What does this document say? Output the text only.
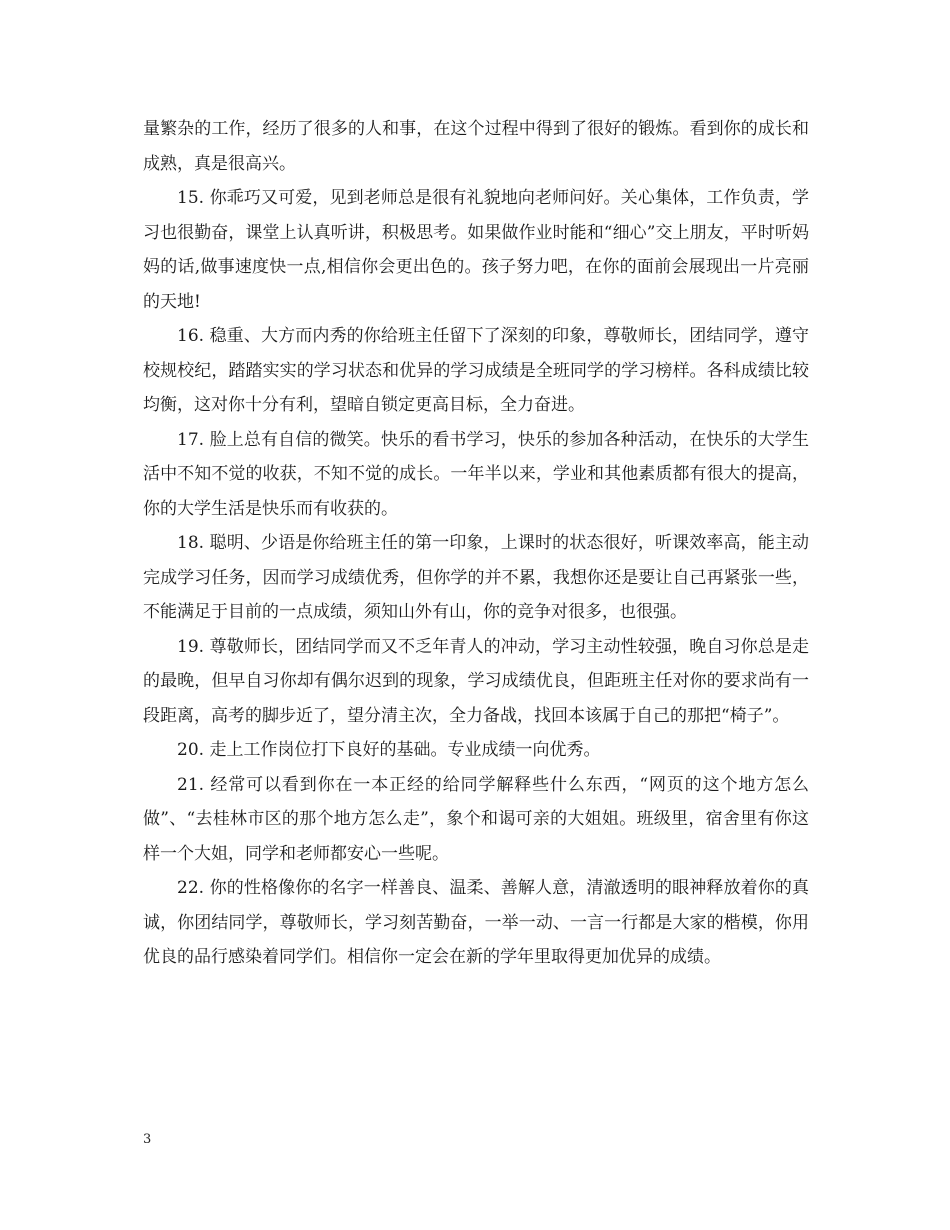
量繁杂的工作，经历了很多的人和事，在这个过程中得到了很好的锻炼。看到你的成长和成熟，真是很高兴。

15. 你乖巧又可爱，见到老师总是很有礼貌地向老师问好。关心集体，工作负责，学习也很勤奋，课堂上认真听讲，积极思考。如果做作业时能和“细心”交上朋友，平时听妈妈的话,做事速度快一点,相信你会更出色的。孩子努力吧，在你的面前会展现出一片亮丽的天地!

16. 稳重、大方而内秀的你给班主任留下了深刻的印象，尊敬师长，团结同学，遵守校规校纪，踏踏实实的学习状态和优异的学习成绩是全班同学的学习榜样。各科成绩比较均衡，这对你十分有利，望暗自锁定更高目标，全力奋进。

17. 脸上总有自信的微笑。快乐的看书学习，快乐的参加各种活动，在快乐的大学生活中不知不觉的收获，不知不觉的成长。一年半以来，学业和其他素质都有很大的提高，你的大学生活是快乐而有收获的。

18. 聪明、少语是你给班主任的第一印象，上课时的状态很好，听课效率高，能主动完成学习任务，因而学习成绩优秀，但你学的并不累，我想你还是要让自己再紧张一些，不能满足于目前的一点成绩，须知山外有山，你的竞争对很多，也很强。

19. 尊敬师长，团结同学而又不乏年青人的冲动，学习主动性较强，晚自习你总是走的最晚，但早自习你却有偶尔迟到的现象，学习成绩优良，但距班主任对你的要求尚有一段距离，高考的脚步近了，望分清主次，全力备战，找回本该属于自己的那把“椅子”。

20. 走上工作岗位打下良好的基础。专业成绩一向优秀。

21. 经常可以看到你在一本正经的给同学解释些什么东西，“网页的这个地方怎么做”、“去桂林市区的那个地方怎么走”，象个和谒可亲的大姐姐。班级里，宿舍里有你这样一个大姐，同学和老师都安心一些呢。

22. 你的性格像你的名字一样善良、温柔、善解人意，清澈透明的眼神释放着你的真诚，你团结同学，尊敬师长，学习刻苦勤奋，一举一动、一言一行都是大家的楷模，你用优良的品行感染着同学们。相信你一定会在新的学年里取得更加优异的成绩。

3
